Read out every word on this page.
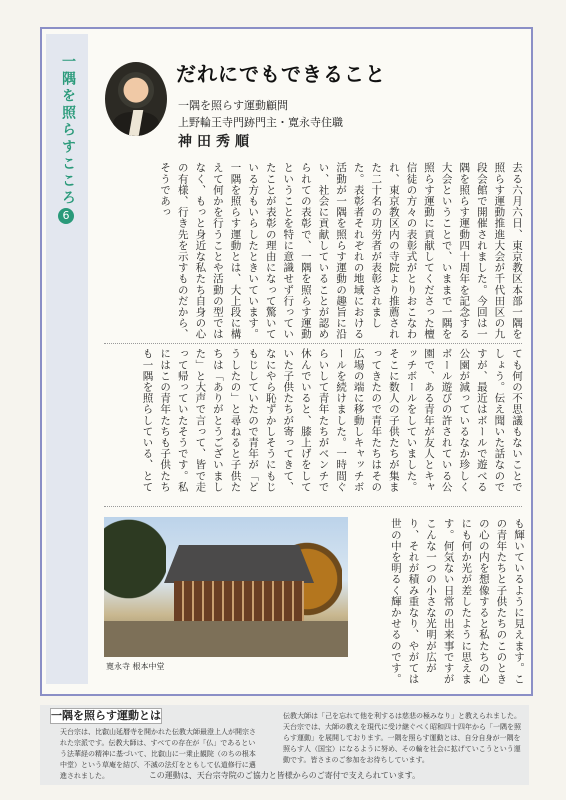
一隅を照らすこころ
6
だれにでもできること
一隅を照らす運動顧問
上野輪王寺門跡門主・寛永寺住職
神田秀順
去る六月六日、東京教区本部一隅を照らす運動推進大会が千代田区の九段会館で開催されました。今回は一隅を照らす運動四十周年を記念する大会ということで、いままで一隅を照らす運動に貢献してくださった檀信徒の方々の表彰式がとりおこなわれ、東京教区内の寺院より推薦された二十名の功労者が表彰されました。表彰者それぞれの地域における活動が一隅を照らす運動の趣旨に沿い、社会に貢献していることが認められての表彰で、一隅を照らす運動ということを特に意識せず行っていたことが表彰の理由になって驚いている方もいらしたときいています。一隅を照らす運動とは、大上段に構えて何かを行うことや活動の型ではなく、もっと身近な私たち自身の心の有様、行き先を示すものだから、そうであっ
ても何の不思議もないことでしょう。伝え聞いた話なのですが、最近はボールで遊べる公園が減っているなか珍しくボール遊びの許されている公園で、ある青年が友人とキャッチボールをしていました。そこに数人の子供たちが集まってきたので青年たちはその広場の端に移動しキャッチボールを続けました。一時間ぐらいして青年たちがベンチで休んでいると、膝上げをしていた子供たちが寄ってきて、なにやら恥ずかしそうにもじもじしていたので青年が「どうしたの」と尋ねると子供たちは「ありがとうございました」と大声で言って、皆で走って帰っていたそうです。私にはこの青年たちも子供たちも一隅を照らしている、とて
寛永寺 根本中堂	も輝いているように見えます。この青年たちと子供たちのこのときの心の内を想像すると私たちの心にも何か光が差したように思えます。何気ない日常の出来事ですがこんな一つの小さな光明が広がり、それが積み重なり、やがては世の中を明るく輝かせるのです。
一隅を照らす運動とは
天台宗は、比叡山延暦寺を開かれた伝教大師最澄上人が開宗された宗派です。伝教大師は、すべての存在が「仏」であるという法華経の精神に基づいて、比叡山に一乗止観院（のちの根本中堂）という草庵を結び、不滅の法灯をともして仏道修行に邁進されました。
伝教大師は「己を忘れて他を利するは慈悲の極みなり」と教えられました。天台宗では、大師の教えを現代に受け継ぐべく昭和四十四年から「一隅を照らす運動」を展開しております。一隅を照らす運動とは、自分自身が一隅を照らす人（国宝）になるように努め、その輪を社会に拡げていこうという運動です。皆さまのご参加をお待ちしています。
この運動は、天台宗寺院のご協力と皆様からのご寄付で支えられています。
